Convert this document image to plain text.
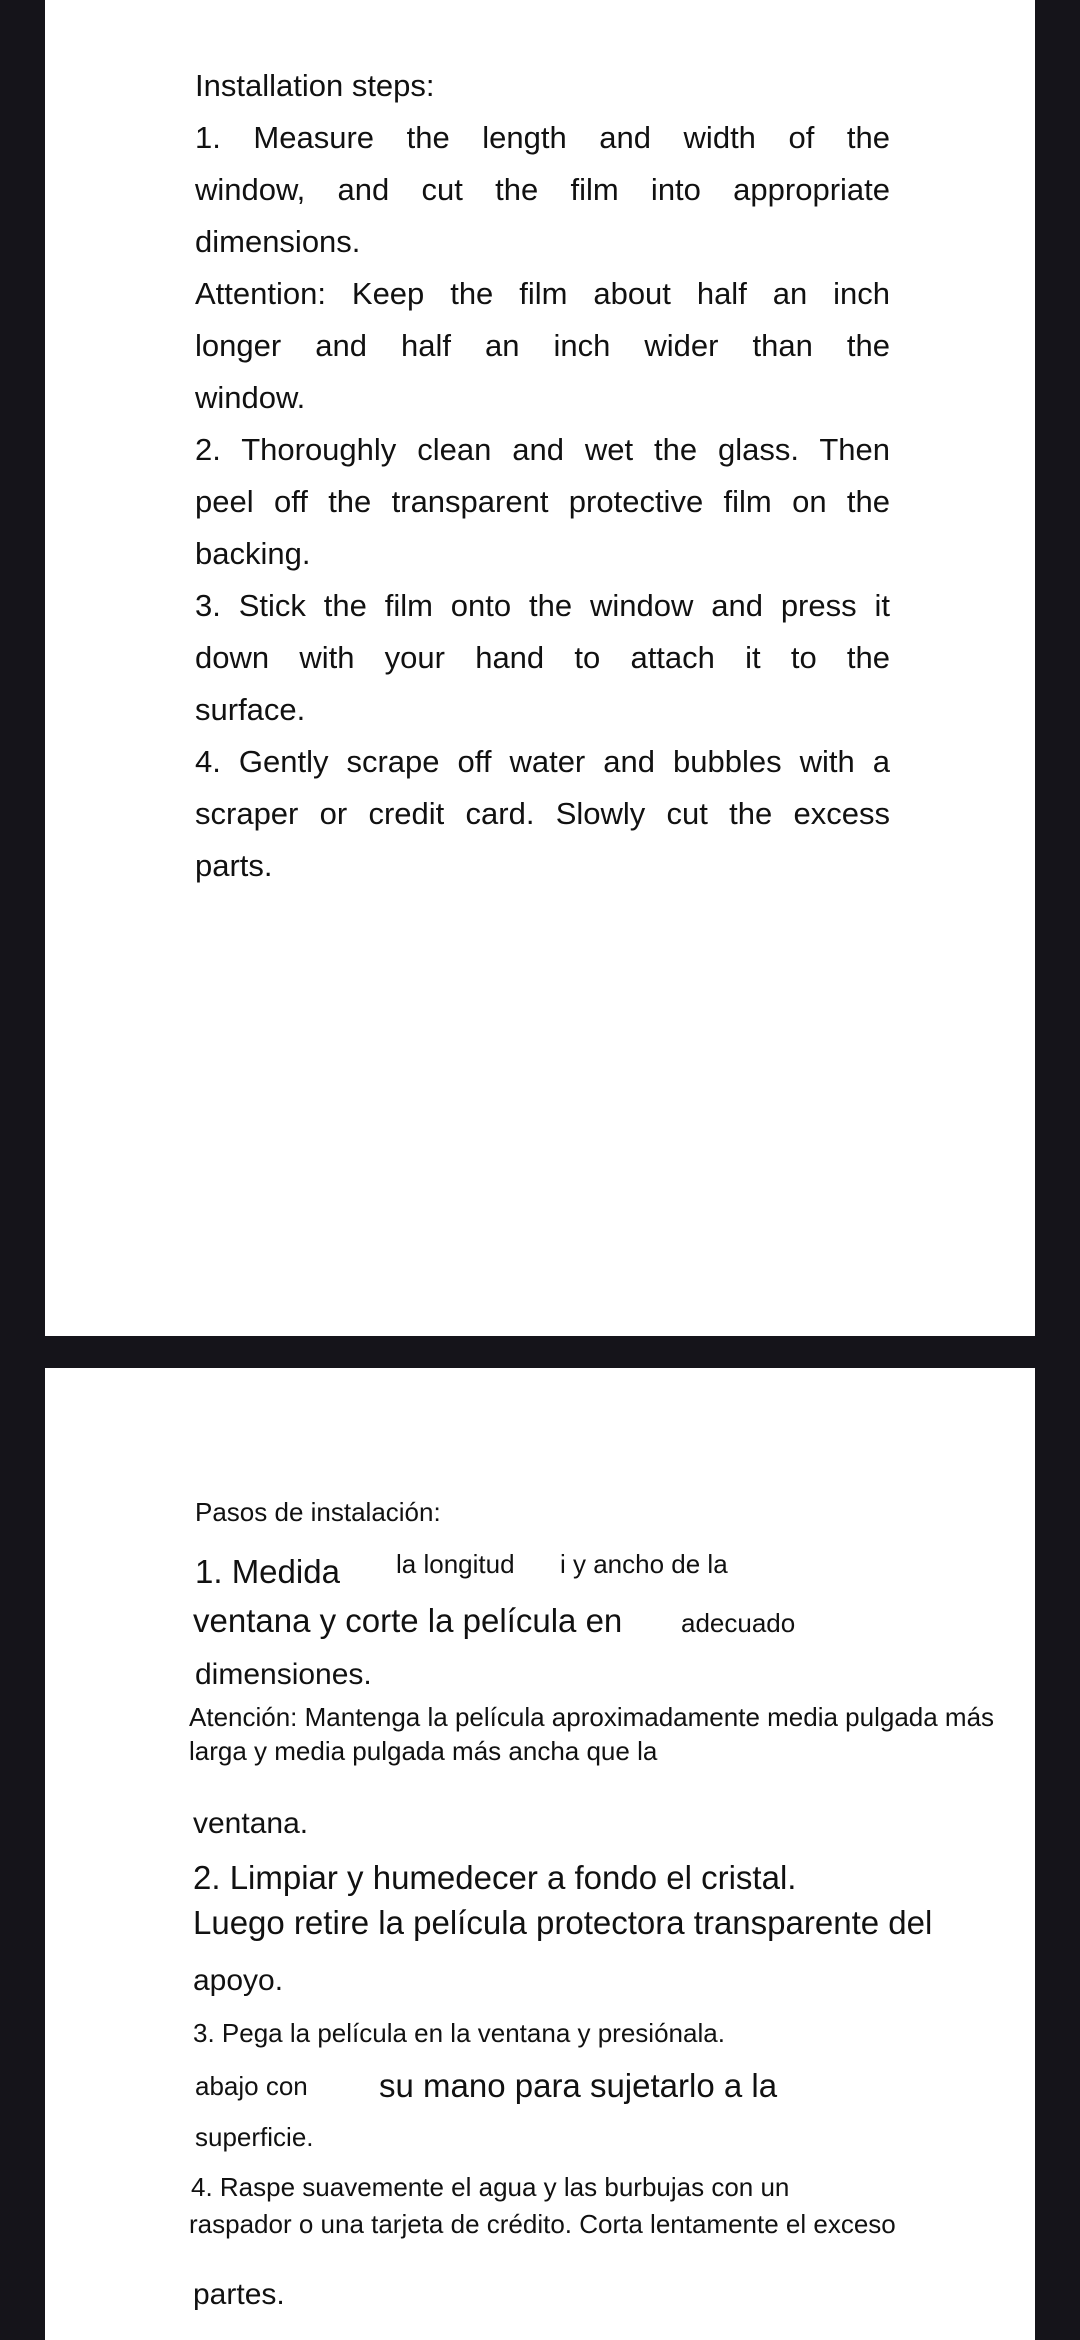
Installation steps:
1. Measure the length and width of the
window, and cut the film into appropriate
dimensions.
Attention: Keep the film about half an inch
longer and half an inch wider than the
window.
2. Thoroughly clean and wet the glass. Then
peel off the transparent protective film on the
backing.
3. Stick the film onto the window and press it
down with your hand to attach it to the
surface.
4. Gently scrape off water and bubbles with a
scraper or credit card. Slowly cut the excess
parts.
Pasos de instalación:
1. Medida la longitud i y ancho de la
ventana y corte la película en adecuado
dimensiones.
Atención: Mantenga la película aproximadamente media pulgada más
larga y media pulgada más ancha que la
ventana.
2. Limpiar y humedecer a fondo el cristal.
Luego retire la película protectora transparente del
apoyo.
3. Pega la película en la ventana y presiónala.
abajo con su mano para sujetarlo a la
superficie.
4. Raspe suavemente el agua y las burbujas con un
raspador o una tarjeta de crédito. Corta lentamente el exceso
partes.
